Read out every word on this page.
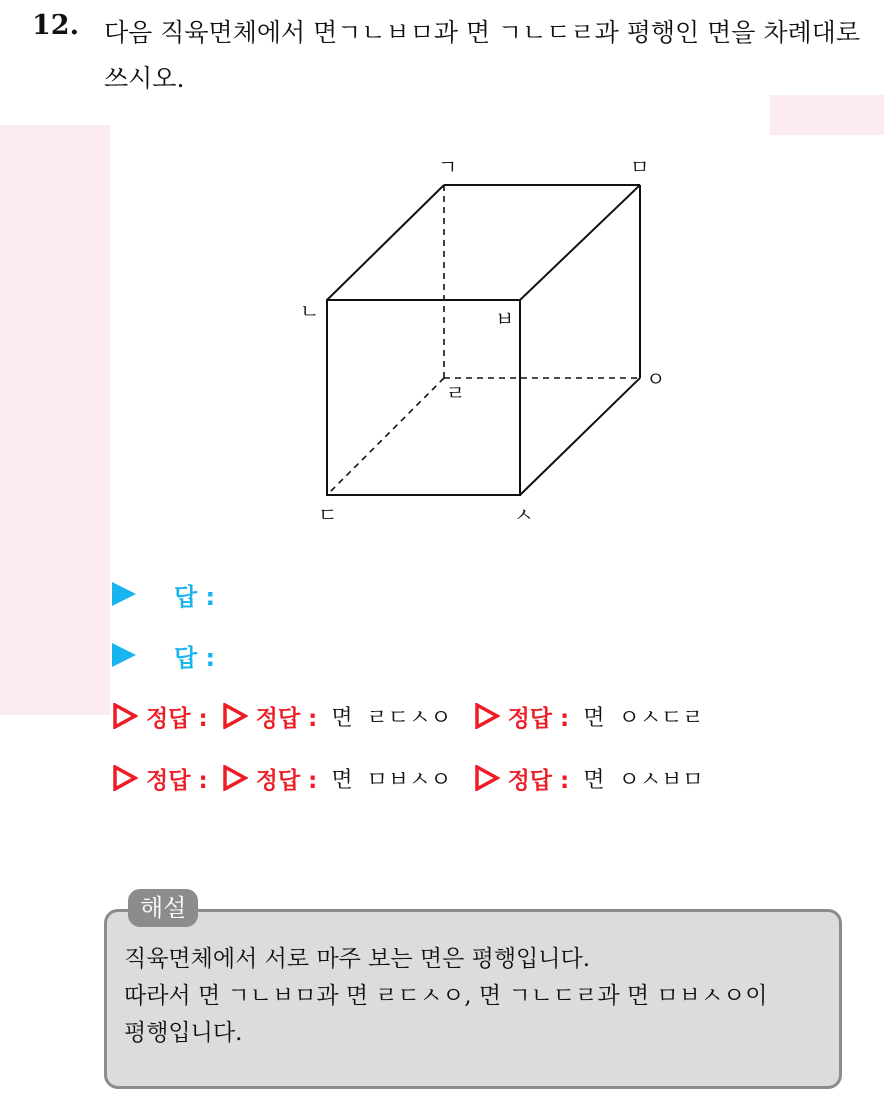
12. 다음 직육면체에서 면ㄱㄴㅂㅁ과 면 ㄱㄴㄷㄹ과 평행인 면을 차례대로
쓰시오.
ㄱ	ㅁ
ㄴ	ㅂ
ㄹ
ㅇ
ㄷ	ㅅ
답 :
답 :
정답 : 정답 : 면  ㄹㄷㅅㅇ 정답 : 면  ㅇㅅㄷㄹ
정답 : 정답 : 면  ㅁㅂㅅㅇ 정답 : 면  ㅇㅅㅂㅁ
해설
직육면체에서 서로 마주 보는 면은 평행입니다.
따라서 면 ㄱㄴㅂㅁ과 면 ㄹㄷㅅㅇ, 면 ㄱㄴㄷㄹ과 면 ㅁㅂㅅㅇ이
평행입니다.
